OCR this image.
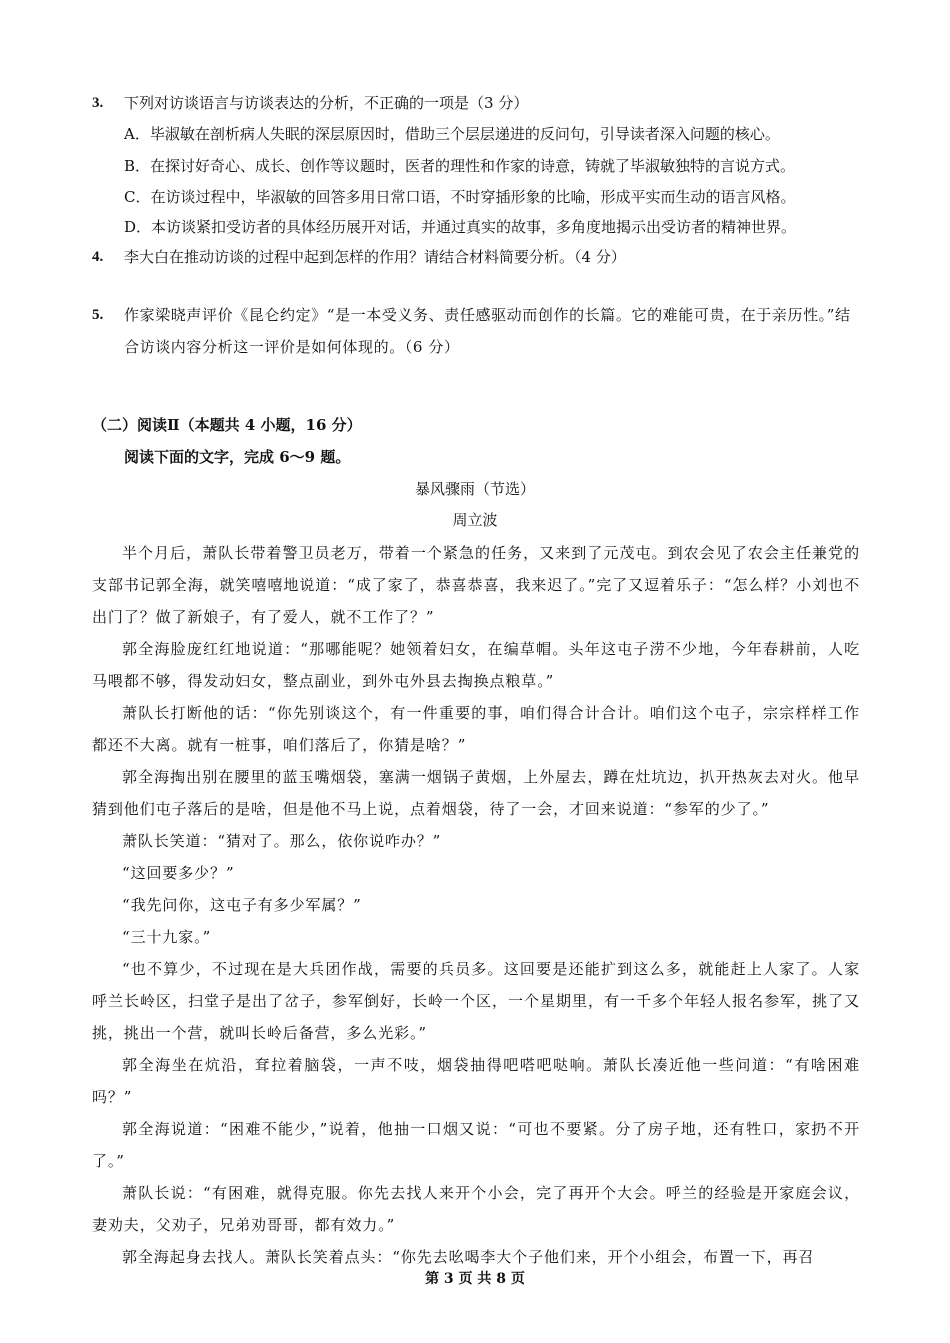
3. 下列对访谈语言与访谈表达的分析，不正确的一项是（3 分）
A．毕淑敏在剖析病人失眠的深层原因时，借助三个层层递进的反问句，引导读者深入问题的核心。
B．在探讨好奇心、成长、创作等议题时，医者的理性和作家的诗意，铸就了毕淑敏独特的言说方式。
C．在访谈过程中，毕淑敏的回答多用日常口语，不时穿插形象的比喻，形成平实而生动的语言风格。
D．本访谈紧扣受访者的具体经历展开对话，并通过真实的故事，多角度地揭示出受访者的精神世界。
4. 李大白在推动访谈的过程中起到怎样的作用？请结合材料简要分析。（4 分）
5. 作家梁晓声评价《昆仑约定》“是一本受义务、责任感驱动而创作的长篇。它的难能可贵，在于亲历性。”结合访谈内容分析这一评价是如何体现的。（6 分）
（二）阅读Ⅱ（本题共 4 小题，16 分）
阅读下面的文字，完成 6～9 题。
暴风骤雨（节选）
周立波

半个月后，萧队长带着警卫员老万，带着一个紧急的任务，又来到了元茂屯。到农会见了农会主任兼党的支部书记郭全海，就笑嘻嘻地说道：“成了家了，恭喜恭喜，我来迟了。”完了又逗着乐子：“怎么样？小刘也不出门了？做了新娘子，有了爱人，就不工作了？”

郭全海脸庞红红地说道：“那哪能呢？她领着妇女，在编草帽。头年这屯子涝不少地，今年春耕前，人吃马喂都不够，得发动妇女，整点副业，到外屯外县去掏换点粮草。”

萧队长打断他的话：“你先别谈这个，有一件重要的事，咱们得合计合计。咱们这个屯子，宗宗样样工作都还不大离。就有一桩事，咱们落后了，你猜是啥？”

郭全海掏出别在腰里的蓝玉嘴烟袋，塞满一烟锅子黄烟，上外屋去，蹲在灶坑边，扒开热灰去对火。他早猜到他们屯子落后的是啥，但是他不马上说，点着烟袋，待了一会，才回来说道：“参军的少了。”

萧队长笑道：“猜对了。那么，依你说咋办？”

“这回要多少？”

“我先问你，这屯子有多少军属？”

“三十九家。”

“也不算少，不过现在是大兵团作战，需要的兵员多。这回要是还能扩到这么多，就能赶上人家了。人家呼兰长岭区，扫堂子是出了岔子，参军倒好，长岭一个区，一个星期里，有一千多个年轻人报名参军，挑了又挑，挑出一个营，就叫长岭后备营，多么光彩。”

郭全海坐在炕沿，耷拉着脑袋，一声不吱，烟袋抽得吧嗒吧哒响。萧队长凑近他一些问道：“有啥困难吗？”

郭全海说道：“困难不能少，”说着，他抽一口烟又说：“可也不要紧。分了房子地，还有牲口，家扔不开了。”

萧队长说：“有困难，就得克服。你先去找人来开个小会，完了再开个大会。呼兰的经验是开家庭会议，妻劝夫，父劝子，兄弟劝哥哥，都有效力。”

郭全海起身去找人。萧队长笑着点头：“你先去吆喝李大个子他们来，开个小组会，布置一下，再召

第 3 页 共 8 页
